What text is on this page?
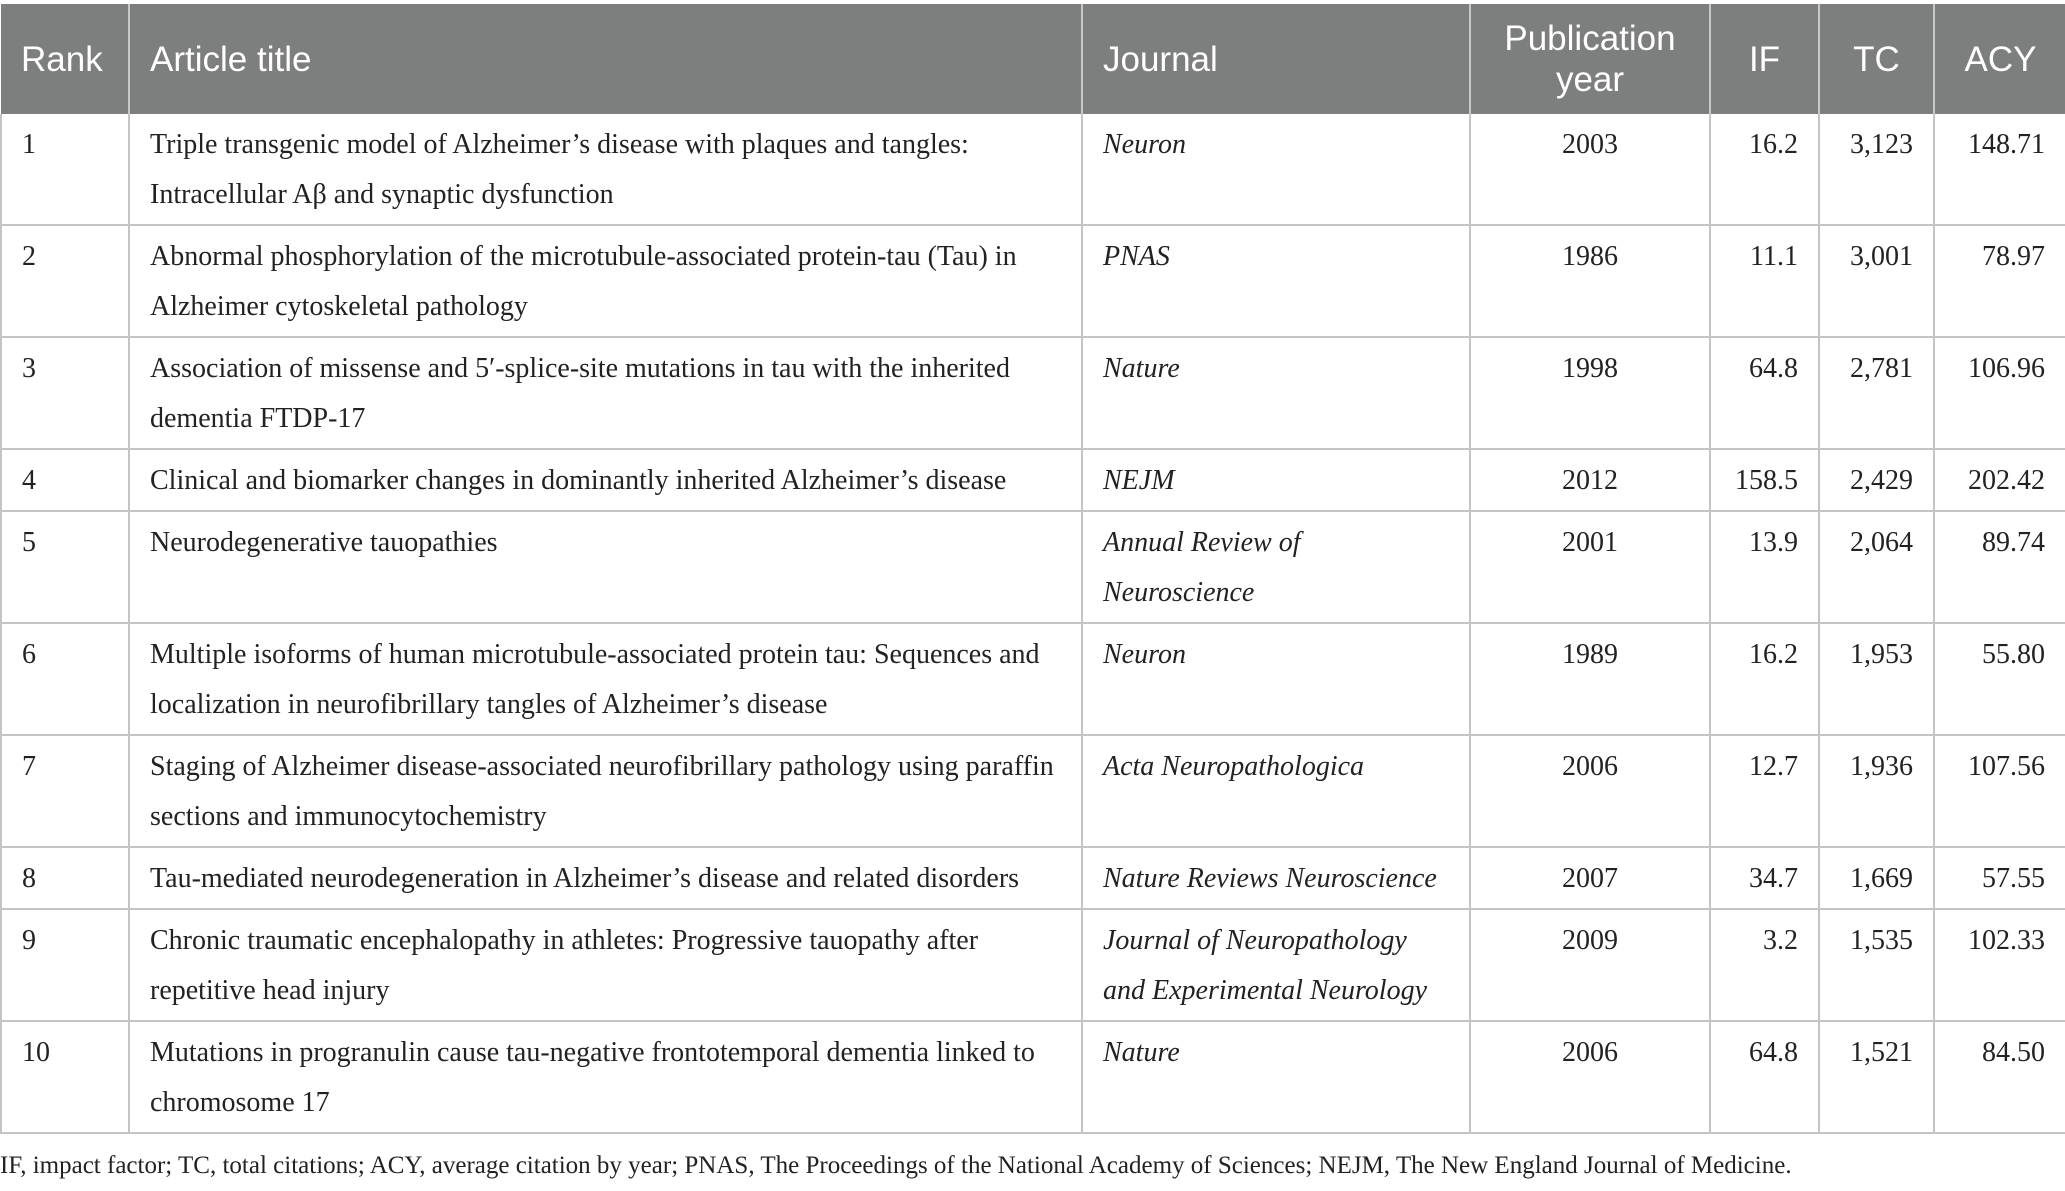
Rank	Article title	Journal	Publication year	IF	TC	ACY
1	Triple transgenic model of Alzheimer’s disease with plaques and tangles: Intracellular Aβ and synaptic dysfunction	Neuron	2003	16.2	3,123	148.71
2	Abnormal phosphorylation of the microtubule-associated protein-tau (Tau) in Alzheimer cytoskeletal pathology	PNAS	1986	11.1	3,001	78.97
3	Association of missense and 5′-splice-site mutations in tau with the inherited dementia FTDP-17	Nature	1998	64.8	2,781	106.96
4	Clinical and biomarker changes in dominantly inherited Alzheimer’s disease	NEJM	2012	158.5	2,429	202.42
5	Neurodegenerative tauopathies	Annual Review of Neuroscience	2001	13.9	2,064	89.74
6	Multiple isoforms of human microtubule-associated protein tau: Sequences and localization in neurofibrillary tangles of Alzheimer’s disease	Neuron	1989	16.2	1,953	55.80
7	Staging of Alzheimer disease-associated neurofibrillary pathology using paraffin sections and immunocytochemistry	Acta Neuropathologica	2006	12.7	1,936	107.56
8	Tau-mediated neurodegeneration in Alzheimer’s disease and related disorders	Nature Reviews Neuroscience	2007	34.7	1,669	57.55
9	Chronic traumatic encephalopathy in athletes: Progressive tauopathy after repetitive head injury	Journal of Neuropathology and Experimental Neurology	2009	3.2	1,535	102.33
10	Mutations in progranulin cause tau-negative frontotemporal dementia linked to chromosome 17	Nature	2006	64.8	1,521	84.50
IF, impact factor; TC, total citations; ACY, average citation by year; PNAS, The Proceedings of the National Academy of Sciences; NEJM, The New England Journal of Medicine.
